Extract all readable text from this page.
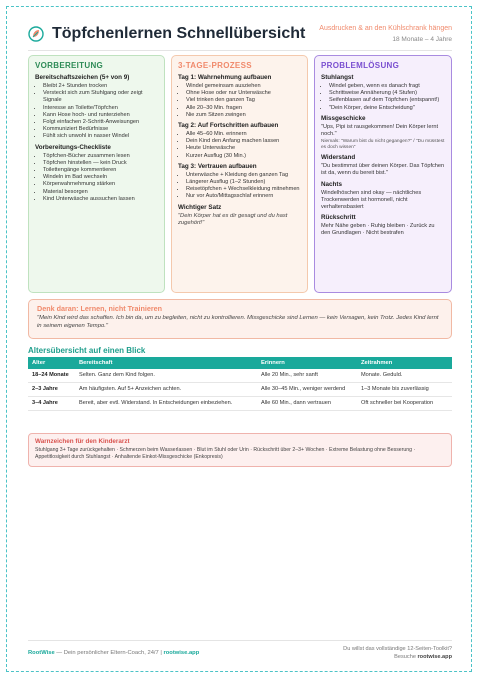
Töpfchenlernen Schnellübersicht Ausdrucken & an den Kühlschrank hängen
18 Monate – 4 Jahre
VORBEREITUNG
Bereitschaftszeichen (5+ von 9)
• Bleibt 2+ Stunden trocken
• Versteckt sich zum Stuhlgang oder zeigt Signale
• Interesse an Toilette/Töpfchen
• Kann Hose hoch- und runterziehen
• Folgt einfachen 2-Schritt-Anweisungen
• Kommuniziert Bedürfnisse
• Fühlt sich unwohl in nasser Windel
Vorbereitungs-Checkliste
• Töpfchen-Bücher zusammen lesen
• Töpfchen hinstellen — kein Druck
• Toilettengänge kommentieren
• Windeln im Bad wechseln
• Körperwahrnehmung stärken
• Material besorgen
• Kind Unterwäsche aussuchen lassen
3-TAGE-PROZESS
Tag 1: Wahrnehmung aufbauen
• Windel gemeinsam ausziehen
• Ohne Hose oder nur Unterwäsche
• Viel trinken den ganzen Tag
• Alle 20–30 Min. fragen
• Nie zum Sitzen zwingen
Tag 2: Auf Fortschritten aufbauen
• Alle 45–60 Min. erinnern
• Dein Kind den Anfang machen lassen
• Heute Unterwäsche
• Kurzer Ausflug (30 Min.)
Tag 3: Vertrauen aufbauen
• Unterwäsche + Kleidung den ganzen Tag
• Längerer Ausflug (1–2 Stunden)
• Reisetöpfchen + Wechselkleidung mitnehmen
• Nur vor Auto/Mittagsschlaf erinnern
Wichtiger Satz
"Dein Körper hat es dir gesagt und du hast zugehört!"
PROBLEMLÖSUNG
Stuhlangst
• Windel geben, wenn es danach fragt
• Schrittweise Annäherung (4 Stufen)
• Seifenblasen auf dem Töpfchen (entspannt!)
• "Dein Körper, deine Entscheidung"
Missgeschicke
"Ups, Pipi ist rausgekommen! Dein Körper lernt noch."
Niemals: "Warum bist du nicht gegangen?" / "Du müsstest es doch wissen"
Widerstand
"Du bestimmst über deinen Körper. Das Töpfchen ist da, wenn du bereit bist."
Nachts
Windelhöschen sind okay — nächtliches Trockenwerden ist hormonell, nicht verhaltensbasiert
Rückschritt
Mehr Nähe geben · Ruhig bleiben · Zurück zu den Grundlagen · Nicht bestrafen
Denk daran: Lernen, nicht Trainieren
"Mein Kind wird das schaffen. Ich bin da, um zu begleiten, nicht zu kontrollieren. Missgeschicke sind Lernen — kein Versagen, kein Trotz. Jedes Kind lernt in seinem eigenen Tempo."
Altersübersicht auf einen Blick
Alter	Bereitschaft	Erinnern	Zeitrahmen
18–24 Monate	Selten. Ganz dem Kind folgen.	Alle 20 Min., sehr sanft	Monate. Geduld.
2–3 Jahre	Am häufigsten. Auf 5+ Anzeichen achten.	Alle 30–45 Min., weniger werdend	1–3 Monate bis zuverlässig
3–4 Jahre	Bereit, aber evtl. Widerstand. In Entscheidungen einbeziehen.	Alle 60 Min., dann vertrauen	Oft schneller bei Kooperation
Warnzeichen für den Kinderarzt
Stuhlgang 3+ Tage zurückgehalten · Schmerzen beim Wasserlassen · Blut im Stuhl oder Urin · Rückschritt über 2–3+ Wochen · Extreme Belastung ohne Besserung · Appetitlosigkeit durch Stuhlangst · Anhaltende Einkot-Missgeschicke (Enkopresis)
RootWise — Dein persönlicher Eltern-Coach, 24/7 | rootwise.app
Du willst das vollständige 12-Seiten-Toolkit?
Besuche rootwise.app
